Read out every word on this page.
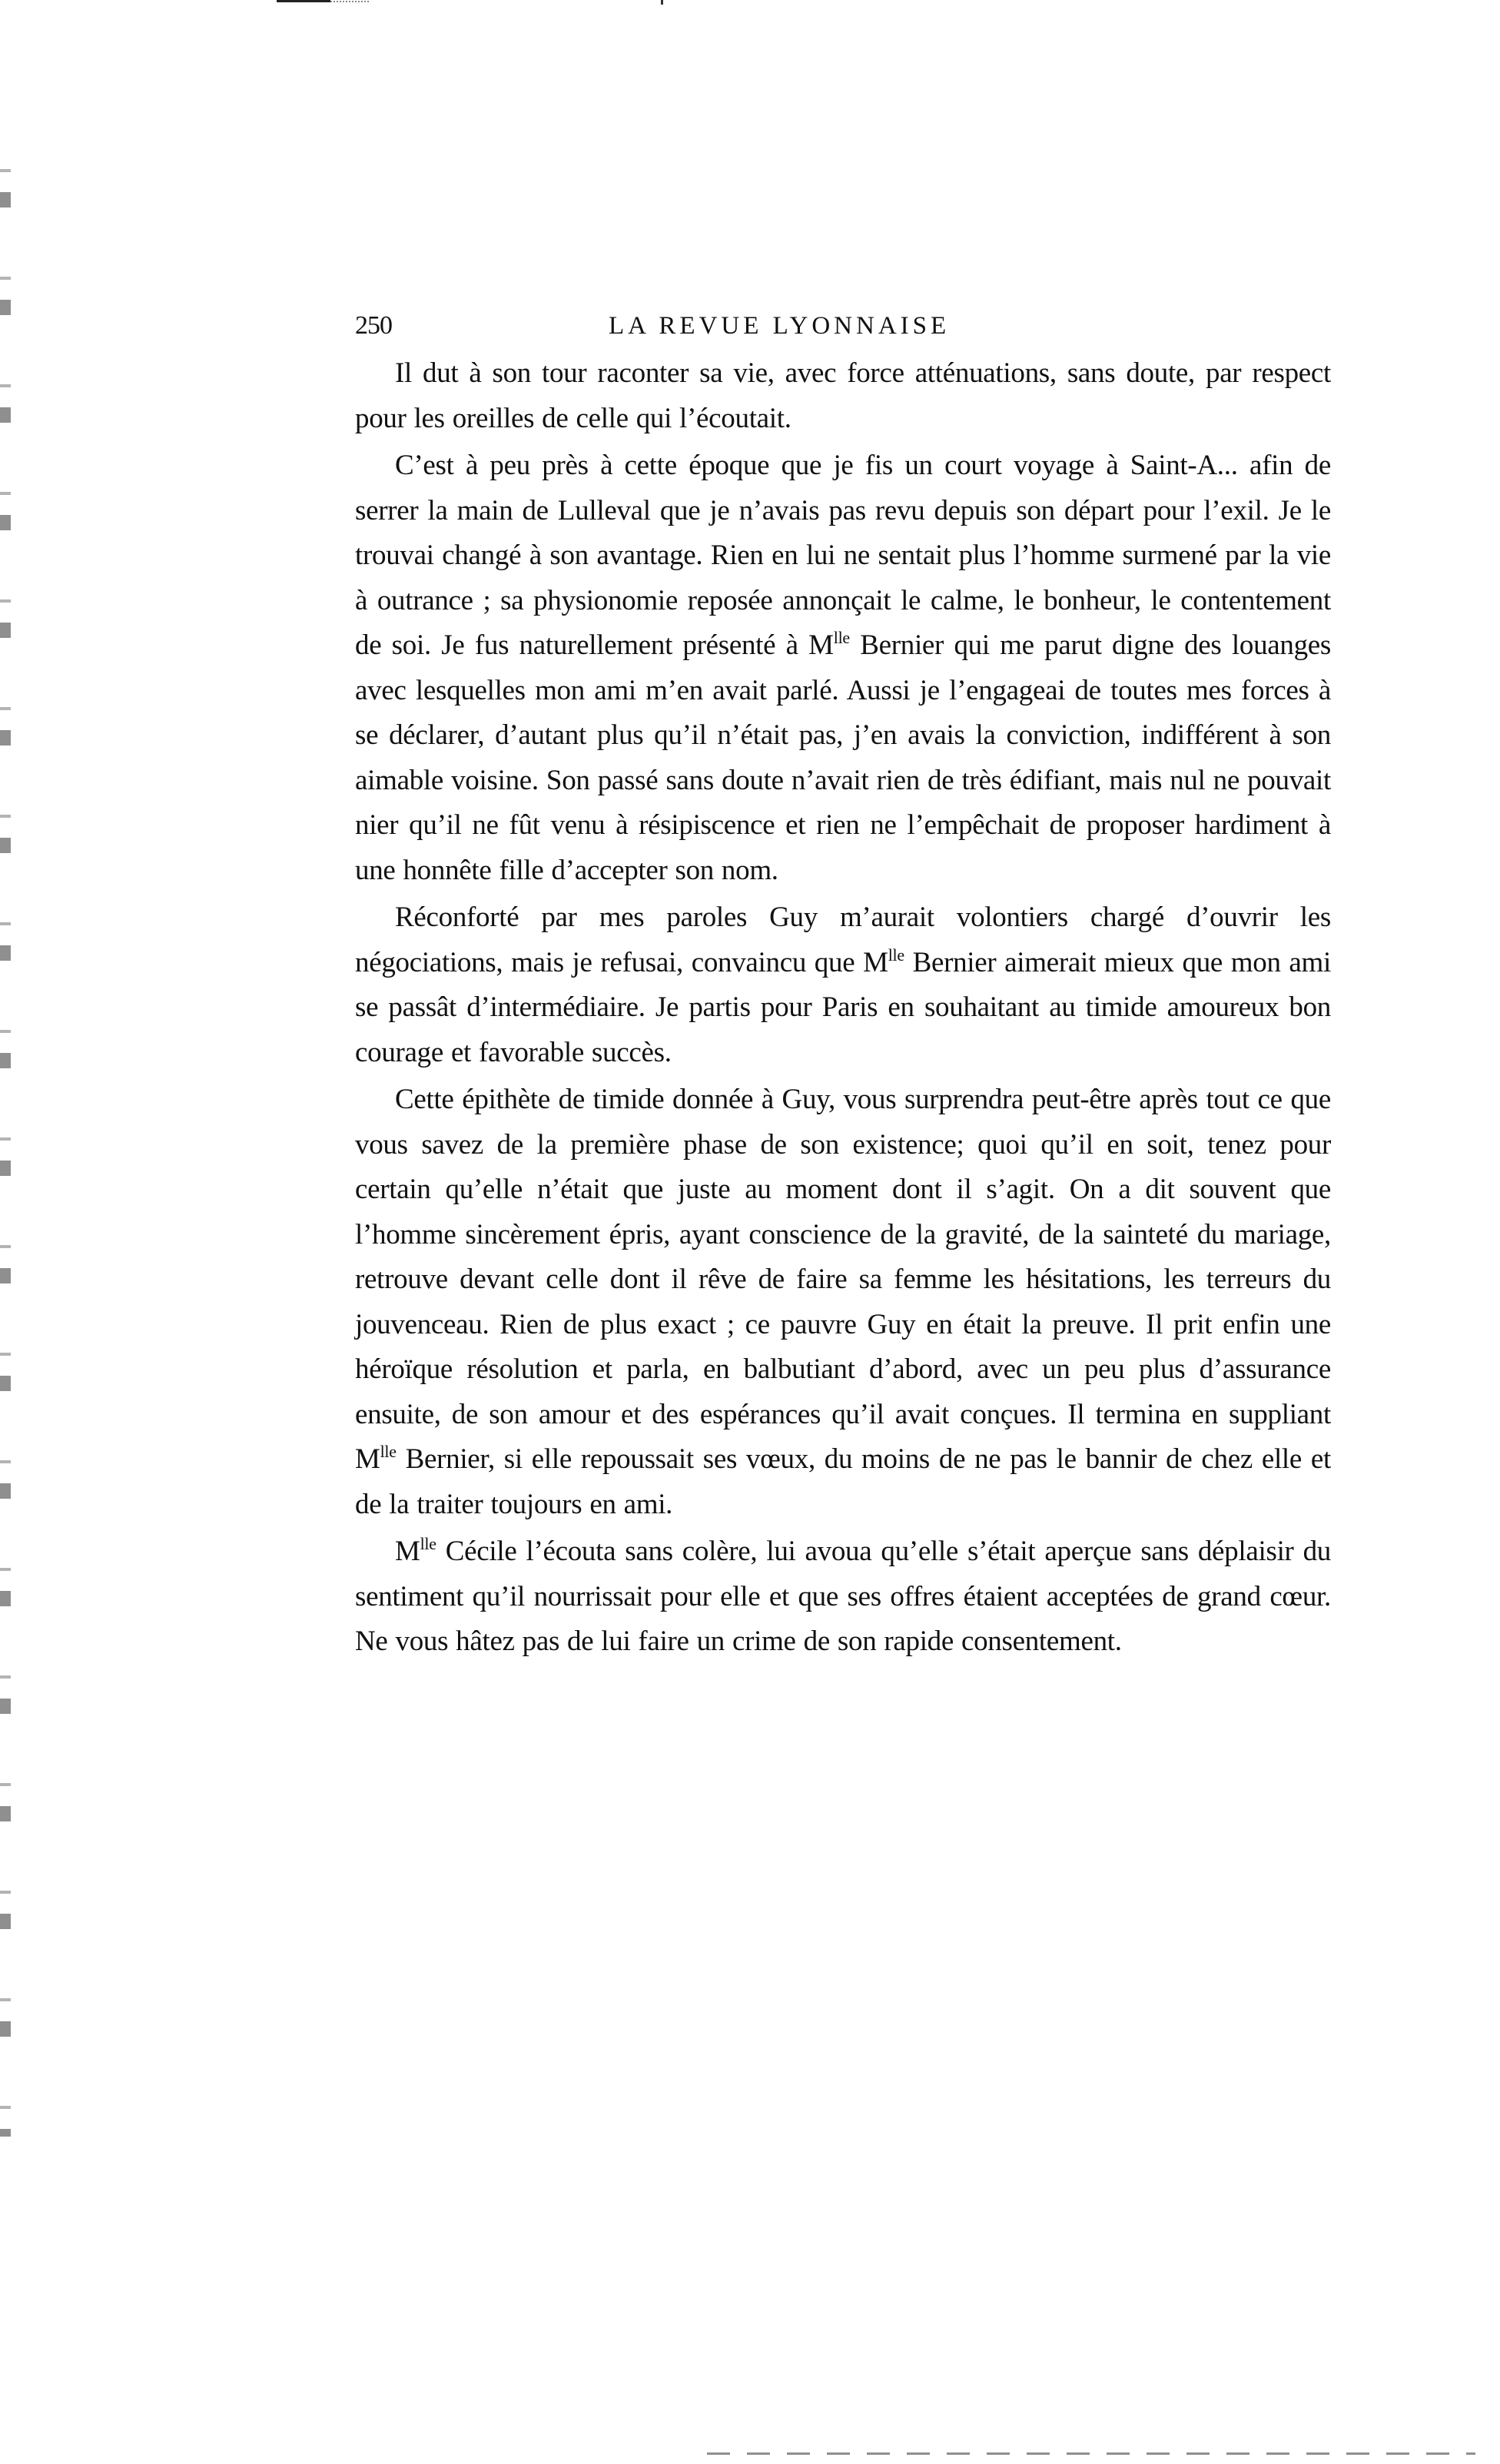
250	LA REVUE LYONNAISE

Il dut à son tour raconter sa vie, avec force atténuations, sans doute, par respect pour les oreilles de celle qui l’écoutait.

C’est à peu près à cette époque que je fis un court voyage à Saint-A... afin de serrer la main de Lulleval que je n’avais pas revu depuis son départ pour l’exil. Je le trouvai changé à son avantage. Rien en lui ne sentait plus l’homme surmené par la vie à outrance ; sa physionomie reposée annonçait le calme, le bonheur, le contentement de soi. Je fus naturellement présenté à $M^{lle}$ Bernier qui me parut digne des louanges avec lesquelles mon ami m’en avait parlé. Aussi je l’engageai de toutes mes forces à se déclarer, d’autant plus qu’il n’était pas, j’en avais la conviction, indifférent à son aimable voisine. Son passé sans doute n’avait rien de très édifiant, mais nul ne pouvait nier qu’il ne fût venu à résipiscence et rien ne l’empêchait de proposer hardiment à une honnête fille d’accepter son nom.

Réconforté par mes paroles Guy m’aurait volontiers chargé d’ouvrir les négociations, mais je refusai, convaincu que $M^{lle}$ Bernier aimerait mieux que mon ami se passât d’intermédiaire. Je partis pour Paris en souhaitant au timide amoureux bon courage et favorable succès.

Cette épithète de timide donnée à Guy, vous surprendra peut-être après tout ce que vous savez de la première phase de son existence; quoi qu’il en soit, tenez pour certain qu’elle n’était que juste au moment dont il s’agit. On a dit souvent que l’homme sincèrement épris, ayant conscience de la gravité, de la sainteté du mariage, retrouve devant celle dont il rêve de faire sa femme les hésitations, les terreurs du jouvenceau. Rien de plus exact ; ce pauvre Guy en était la preuve. Il prit enfin une héroïque résolution et parla, en balbutiant d’abord, avec un peu plus d’assurance ensuite, de son amour et des espérances qu’il avait conçues. Il termina en suppliant $M^{lle}$ Bernier, si elle repoussait ses vœux, du moins de ne pas le bannir de chez elle et de la traiter toujours en ami.

$M^{lle}$ Cécile l’écouta sans colère, lui avoua qu’elle s’était aperçue sans déplaisir du sentiment qu’il nourrissait pour elle et que ses offres étaient acceptées de grand cœur. Ne vous hâtez pas de lui faire un crime de son rapide consentement.
